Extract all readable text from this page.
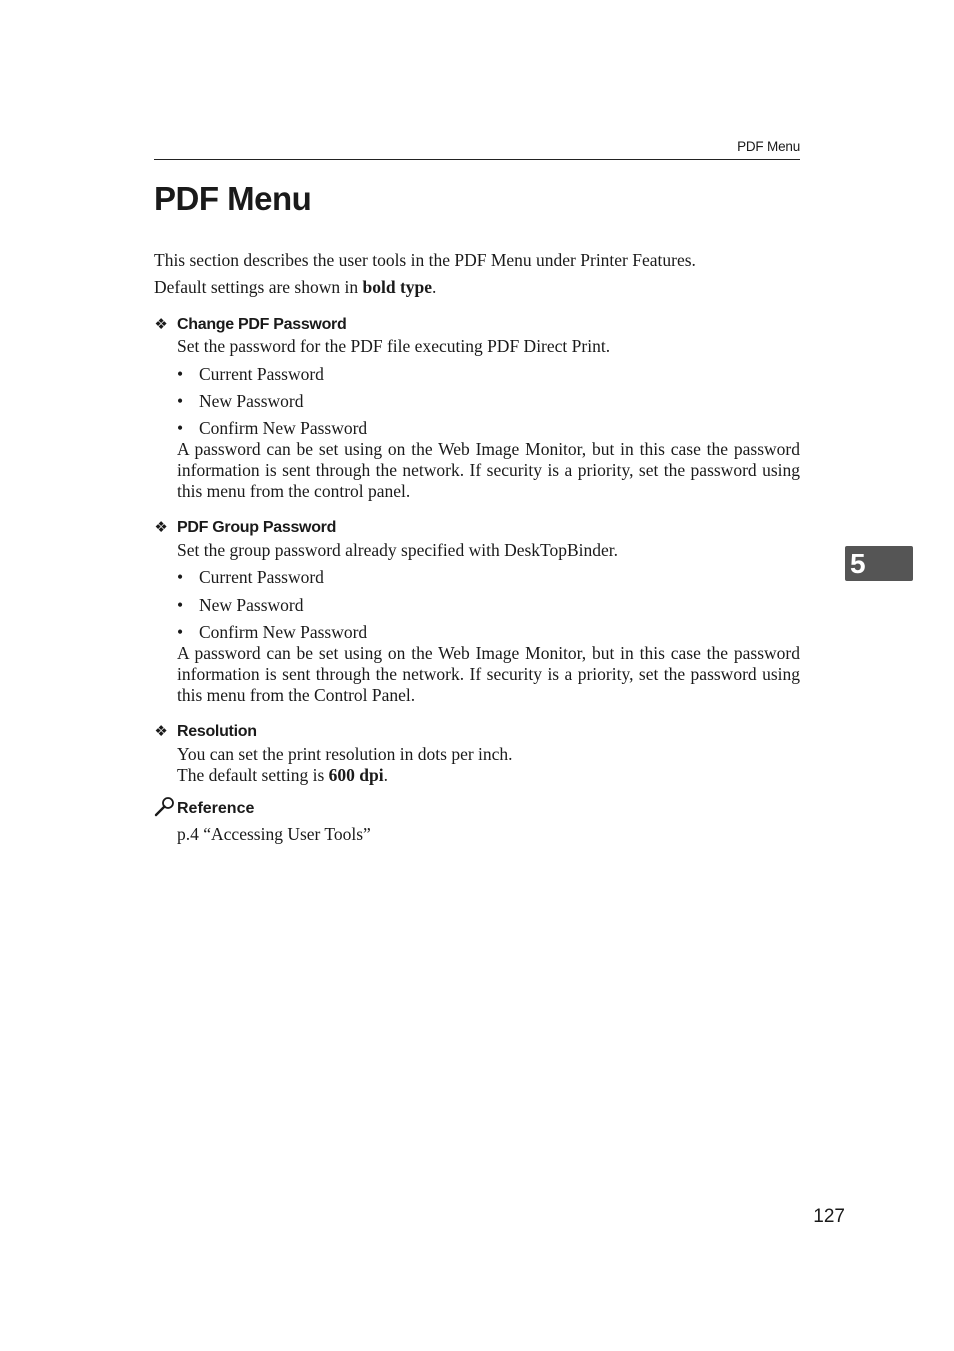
PDF Menu
PDF Menu

This section describes the user tools in the PDF Menu under Printer Features.

Default settings are shown in bold type.

❖ Change PDF Password

Set the password for the PDF file executing PDF Direct Print.

• Current Password
• New Password
• Confirm New Password

A password can be set using on the Web Image Monitor, but in this case the password information is sent through the network. If security is a priority, set the password using this menu from the control panel.

❖ PDF Group Password

Set the group password already specified with DeskTopBinder.

• Current Password
• New Password
• Confirm New Password

A password can be set using on the Web Image Monitor, but in this case the password information is sent through the network. If security is a priority, set the password using this menu from the Control Panel.

❖ Resolution

You can set the print resolution in dots per inch.

The default setting is 600 dpi.

Reference

p.4 “Accessing User Tools”

5
127
